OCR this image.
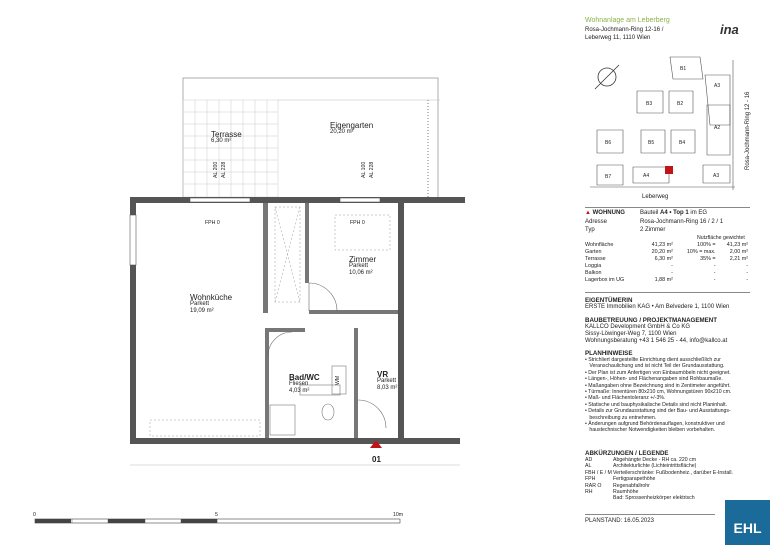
Terrasse
6,30 m²
Eigengarten
20,20 m²
Zimmer
Parkett
10,06 m²
Wohnküche
Parkett
19,09 m²
Bad/WC
Fliesen
4,03 m²
VR
Parkett
8,03 m²
FPH 0	FPH 0
AL 200 AL 228	AL 100 AL 228
WM
01
0	5	10m
Wohnanlage am Leberberg
Rosa-Jochmann-Ring 12-16 /
Leberweg 11, 1110 Wien
ina
B1
A3
B3	B2
A2
B6	B5	B4
A4	A3
B7
Leberweg
Rosa-Jochmann-Ring 12 - 16
▲ WOHNUNG	Bauteil A4 • Top 1 im EG
Adresse	Rosa-Jochmann-Ring 16 / 2 / 1
Typ	2 Zimmer
Nutzfläche gewichtet
Wohnfläche	41,23 m²	100% =	41,23 m²
Garten	20,20 m²	10% = max.	2,00 m²
Terrasse	6,30 m²	35% =	2,21 m²
Loggia	-	-	-
Balkon	-	-	-
Lagerbox im UG	1,88 m²	-	-
EIGENTÜMERIN
ERSTE Immobilien KAG • Am Belvedere 1, 1100 Wien
BAUBETREUUNG / PROJEKTMANAGEMENT
KALLCO Development GmbH & Co KG
Sissy-Löwinger-Weg 7, 1100 Wien
Wohnungsberatung +43 1 546 25 - 44, info@kallco.at
PLANHINWEISE
• Strichliert dargestellte Einrichtung dient ausschließlich zur
Veranschaulichung und ist nicht Teil der Grundausstattung.
• Der Plan ist zum Anfertigen von Einbaumöbeln nicht geeignet.
• Längen-, Höhen- und Flächenangaben sind Rohbaumaße.
• Maßangaben ohne Bezeichnung sind in Zentimeter angeführt.
• Türmaße: Innentüren 80x210 cm, Wohnungstüren 90x210 cm.
• Maß- und Flächentoleranz +/-3%.
• Statische und bauphysikalische Details sind nicht Planinhalt.
• Details zur Grundausstattung sind der Bau- und Ausstattungs-
beschreibung zu entnehmen.
• Änderungen aufgrund Behördenauflagen, konstruktiver und
haustechnischer Notwendigkeiten bleiben vorbehalten.
ABKÜRZUNGEN / LEGENDE
AD	Abgehängte Decke - RH ca. 220 cm
AL	Architekturlichte (Lichteintrittsfläche)
FBH / E / M Verteilerschränke: Fußbodenheiz., darüber E-Install.
FPH	Fertigparapethöhe
RAR O	Regenabfallrohr
RH	Raumhöhe
Bad: Sprossenheizkörper elektrisch
PLANSTAND: 16.05.2023	EHL
